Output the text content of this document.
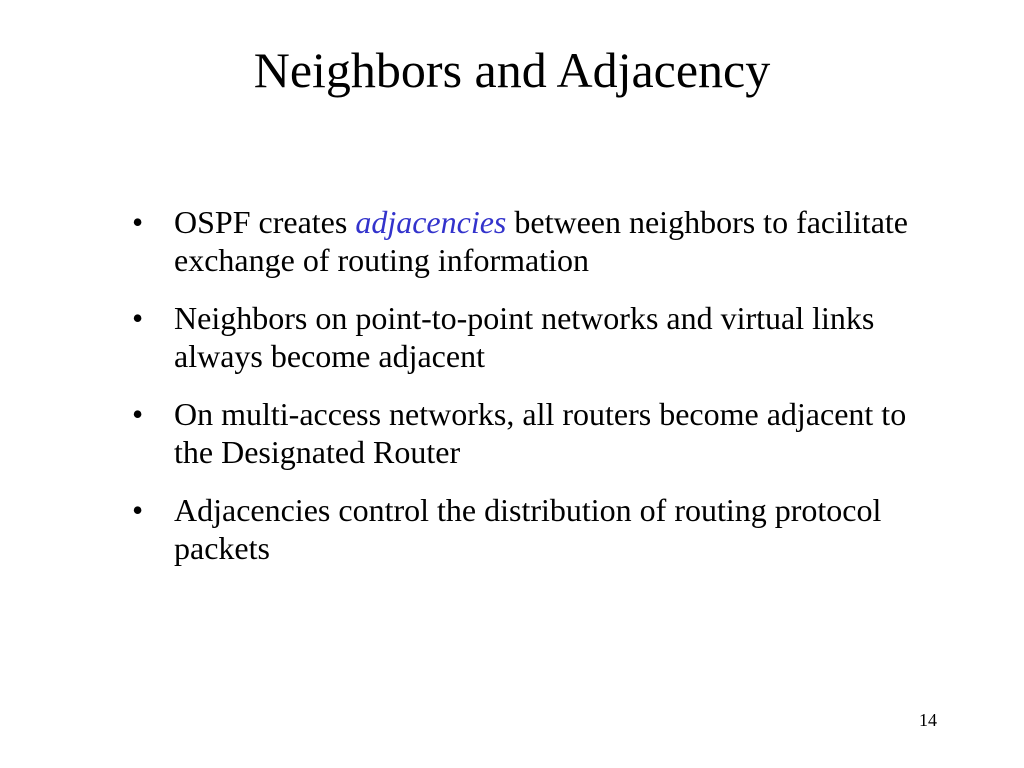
Neighbors and Adjacency
• OSPF creates adjacencies between neighbors to facilitate exchange of routing information
• Neighbors on point-to-point networks and virtual links always become adjacent
• On multi-access networks, all routers become adjacent to the Designated Router
• Adjacencies control the distribution of routing protocol packets
14
